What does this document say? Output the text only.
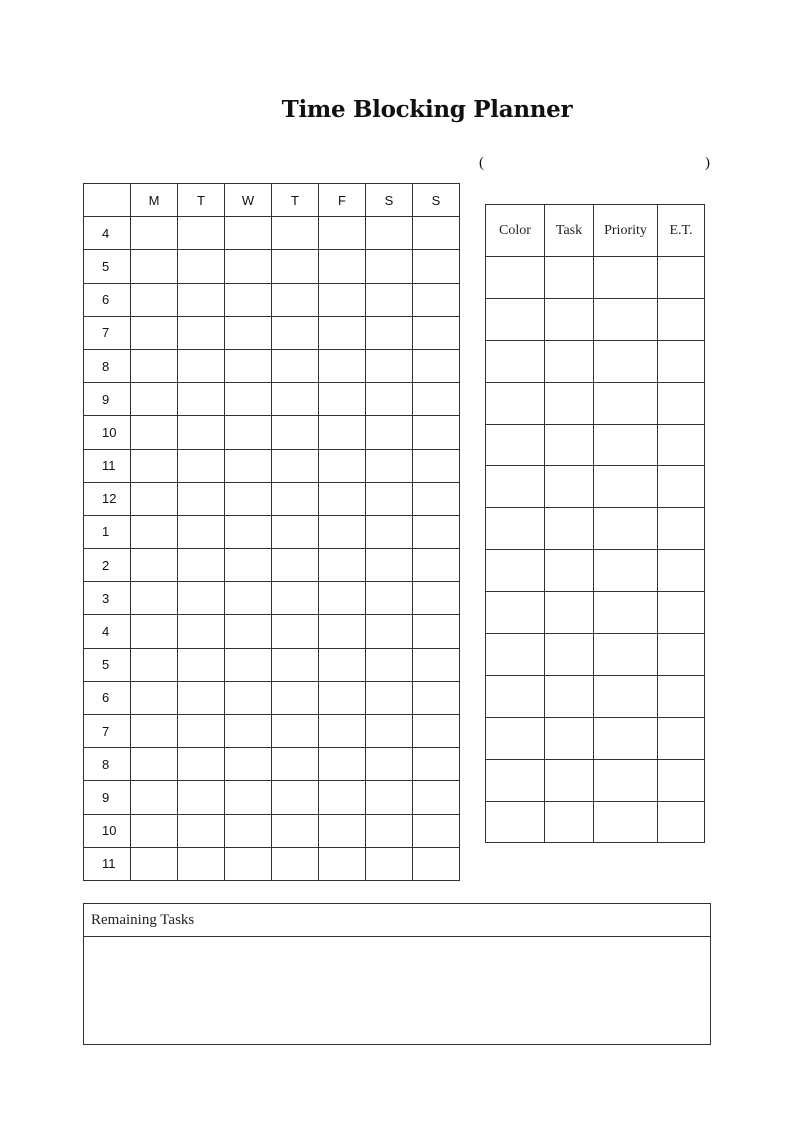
Time Blocking Planner
(	)
	M	T	W	T	F	S	S
4							
5							
6							
7							
8							
9							
10							
11							
12							
1							
2							
3							
4							
5							
6							
7							
8							
9							
10							
11							
Color	Task	Priority	E.T.

Remaining Tasks
